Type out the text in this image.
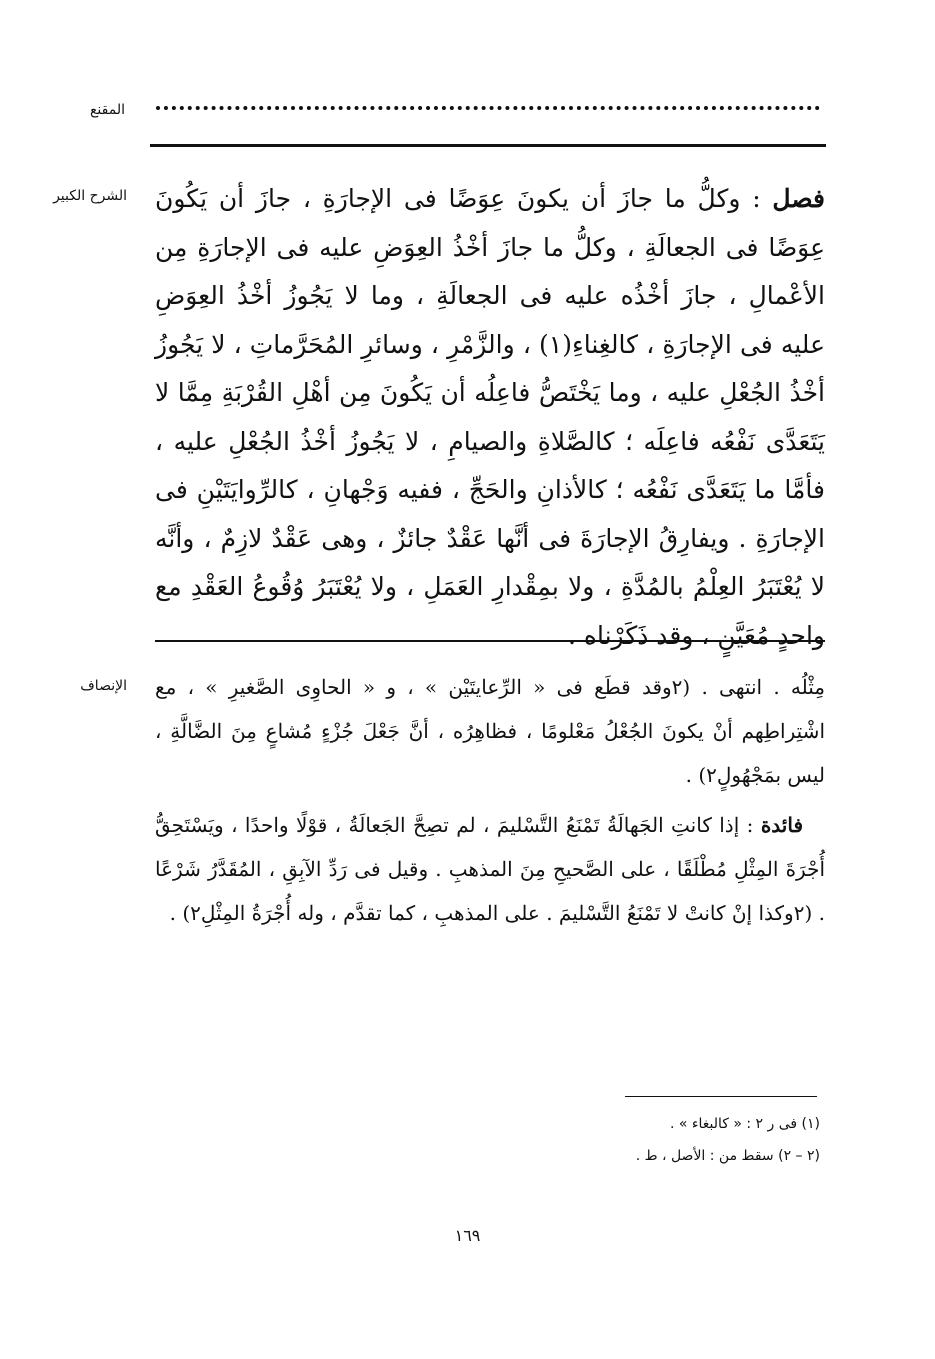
المقنع
الشرح الكبير	فصل : وكلُّ ما جازَ أن يكونَ عِوَضًا فى الإجارَةِ ، جازَ أن يَكُونَ عِوَضًا فى الجعالَةِ ، وكلُّ ما جازَ أخْذُ العِوَضِ عليه فى الإجارَةِ مِن الأعْمالِ ، جازَ أخْذُه عليه فى الجعالَةِ ، وما لا يَجُوزُ أخْذُ العِوَضِ عليه فى الإجارَةِ ، كالغِناءِ(١) ، والزَّمْرِ ، وسائرِ المُحَرَّماتِ ، لا يَجُوزُ أخْذُ الجُعْلِ عليه ، وما يَخْتَصُّ فاعِلُه أن يَكُونَ مِن أهْلِ القُرْبَةِ مِمَّا لا يَتَعَدَّى نَفْعُه فاعِلَه ؛ كالصَّلاةِ والصيامِ ، لا يَجُوزُ أخْذُ الجُعْلِ عليه ، فأمَّا ما يَتَعَدَّى نَفْعُه ؛ كالأذانِ والحَجِّ ، ففيه وَجْهانِ ، كالرِّوايَتَيْنِ فى الإجارَةِ . ويفارِقُ الإجارَةَ فى أنَّها عَقْدٌ جائزٌ ، وهى عَقْدٌ لازِمٌ ، وأنَّه لا يُعْتَبَرُ العِلْمُ بالمُدَّةِ ، ولا بمِقْدارِ العَمَلِ ، ولا يُعْتَبَرُ وُقُوعُ العَقْدِ مع واحدٍ مُعَيَّنٍ ، وقد ذَكَرْناه .
الإنصاف مِثْلُه . انتهى . (٢وقد قطَع فى « الرِّعايتَيْن » ، و « الحاوِى الصَّغيرِ » ، مع اشْتِراطِهم أنْ يكونَ الجُعْلُ مَعْلومًا ، فظاهِرُه ، أنَّ جَعْلَ جُزْءٍ مُشاعٍ مِنَ الضَّالَّةِ ، ليس بمَجْهُولٍ٢) .

فائدة : إذا كانتِ الجَهالَةُ تَمْنَعُ التَّسْليمَ ، لم تصِحَّ الجَعالَةُ ، قوْلًا واحدًا ، ويَسْتَحِقُّ أُجْرَةَ المِثْلِ مُطْلَقًا ، على الصَّحيحِ مِنَ المذهبِ . وقيل فى رَدِّ الآبِقِ ، المُقَدَّرُ شَرْعًا . (٢وكذا إنْ كانتْ لا تَمْنَعُ التَّسْليمَ . على المذهبِ ، كما تقدَّم ، وله أُجْرَةُ المِثْلِ٢) .

(١) فى ر ٢ : « كالبغاء » .
(٢ – ٢) سقط من : الأصل ، ط .
١٦٩
